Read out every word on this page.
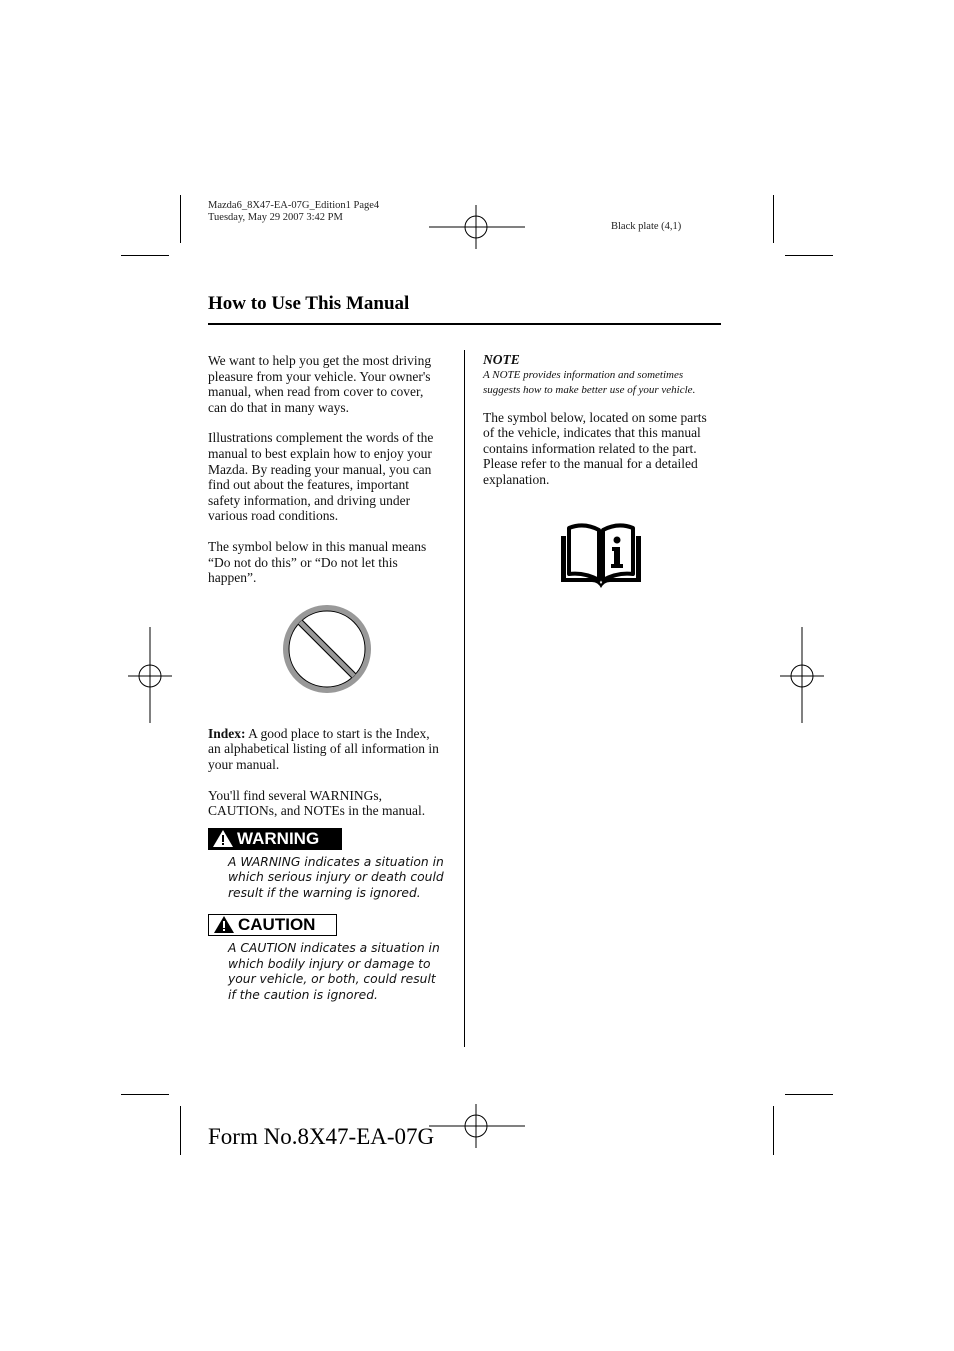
Mazda6_8X47-EA-07G_Edition1 Page4
Tuesday, May 29 2007 3:42 PM
Black plate (4,1)
How to Use This Manual

We want to help you get the most driving pleasure from your vehicle. Your owner's manual, when read from cover to cover, can do that in many ways.

Illustrations complement the words of the manual to best explain how to enjoy your Mazda. By reading your manual, you can find out about the features, important safety information, and driving under various road conditions.

The symbol below in this manual means “Do not do this” or “Do not let this happen”.

Index: A good place to start is the Index, an alphabetical listing of all information in your manual.

You'll find several WARNINGs, CAUTIONs, and NOTEs in the manual.

WARNING

A WARNING indicates a situation in which serious injury or death could result if the warning is ignored.

CAUTION

A CAUTION indicates a situation in which bodily injury or damage to your vehicle, or both, could result if the caution is ignored.

NOTE

A NOTE provides information and sometimes suggests how to make better use of your vehicle.

The symbol below, located on some parts of the vehicle, indicates that this manual contains information related to the part. Please refer to the manual for a detailed explanation.

Form No.8X47-EA-07G
